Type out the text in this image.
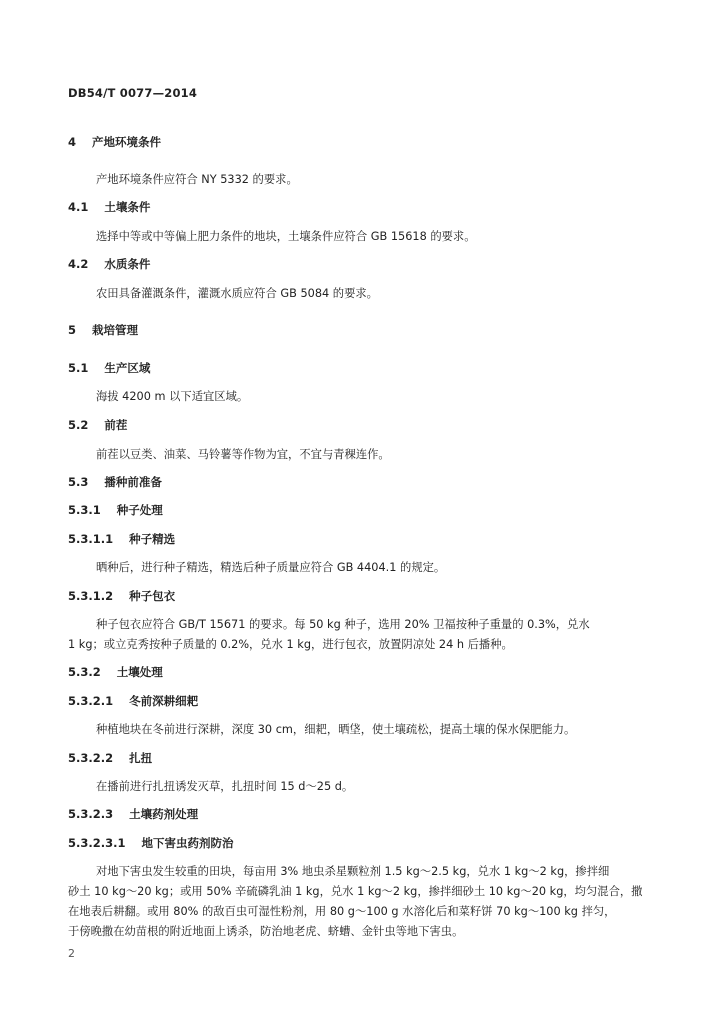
DB54/T 0077—2014
4 产地环境条件
产地环境条件应符合 NY 5332 的要求。
4.1 土壤条件
选择中等或中等偏上肥力条件的地块，土壤条件应符合 GB 15618 的要求。
4.2 水质条件
农田具备灌溉条件，灌溉水质应符合 GB 5084 的要求。
5 栽培管理
5.1 生产区域
海拔 4200 m 以下适宜区域。
5.2 前茬
前茬以豆类、油菜、马铃薯等作物为宜，不宜与青稞连作。
5.3 播种前准备
5.3.1 种子处理
5.3.1.1 种子精选
晒种后，进行种子精选，精选后种子质量应符合 GB 4404.1 的规定。
5.3.1.2 种子包衣
种子包衣应符合 GB/T 15671 的要求。每 50 kg 种子，选用 20% 卫福按种子重量的 0.3%，兑水
1 kg；或立克秀按种子质量的 0.2%，兑水 1 kg，进行包衣，放置阴凉处 24 h 后播种。
5.3.2 土壤处理
5.3.2.1 冬前深耕细耙
种植地块在冬前进行深耕，深度 30 cm，细耙，晒垡，使土壤疏松，提高土壤的保水保肥能力。
5.3.2.2 扎扭
在播前进行扎扭诱发灭草，扎扭时间 15 d～25 d。
5.3.2.3 土壤药剂处理
5.3.2.3.1 地下害虫药剂防治
对地下害虫发生较重的田块，每亩用 3% 地虫杀星颗粒剂 1.5 kg～2.5 kg，兑水 1 kg～2 kg，掺拌细
砂土 10 kg～20 kg；或用 50% 辛硫磷乳油 1 kg，兑水 1 kg～2 kg，掺拌细砂土 10 kg～20 kg，均匀混合，撒
在地表后耕翻。或用 80% 的敌百虫可湿性粉剂，用 80 g～100 g 水溶化后和菜籽饼 70 kg～100 kg 拌匀，
于傍晚撒在幼苗根的附近地面上诱杀，防治地老虎、蛴螬、金针虫等地下害虫。
2
